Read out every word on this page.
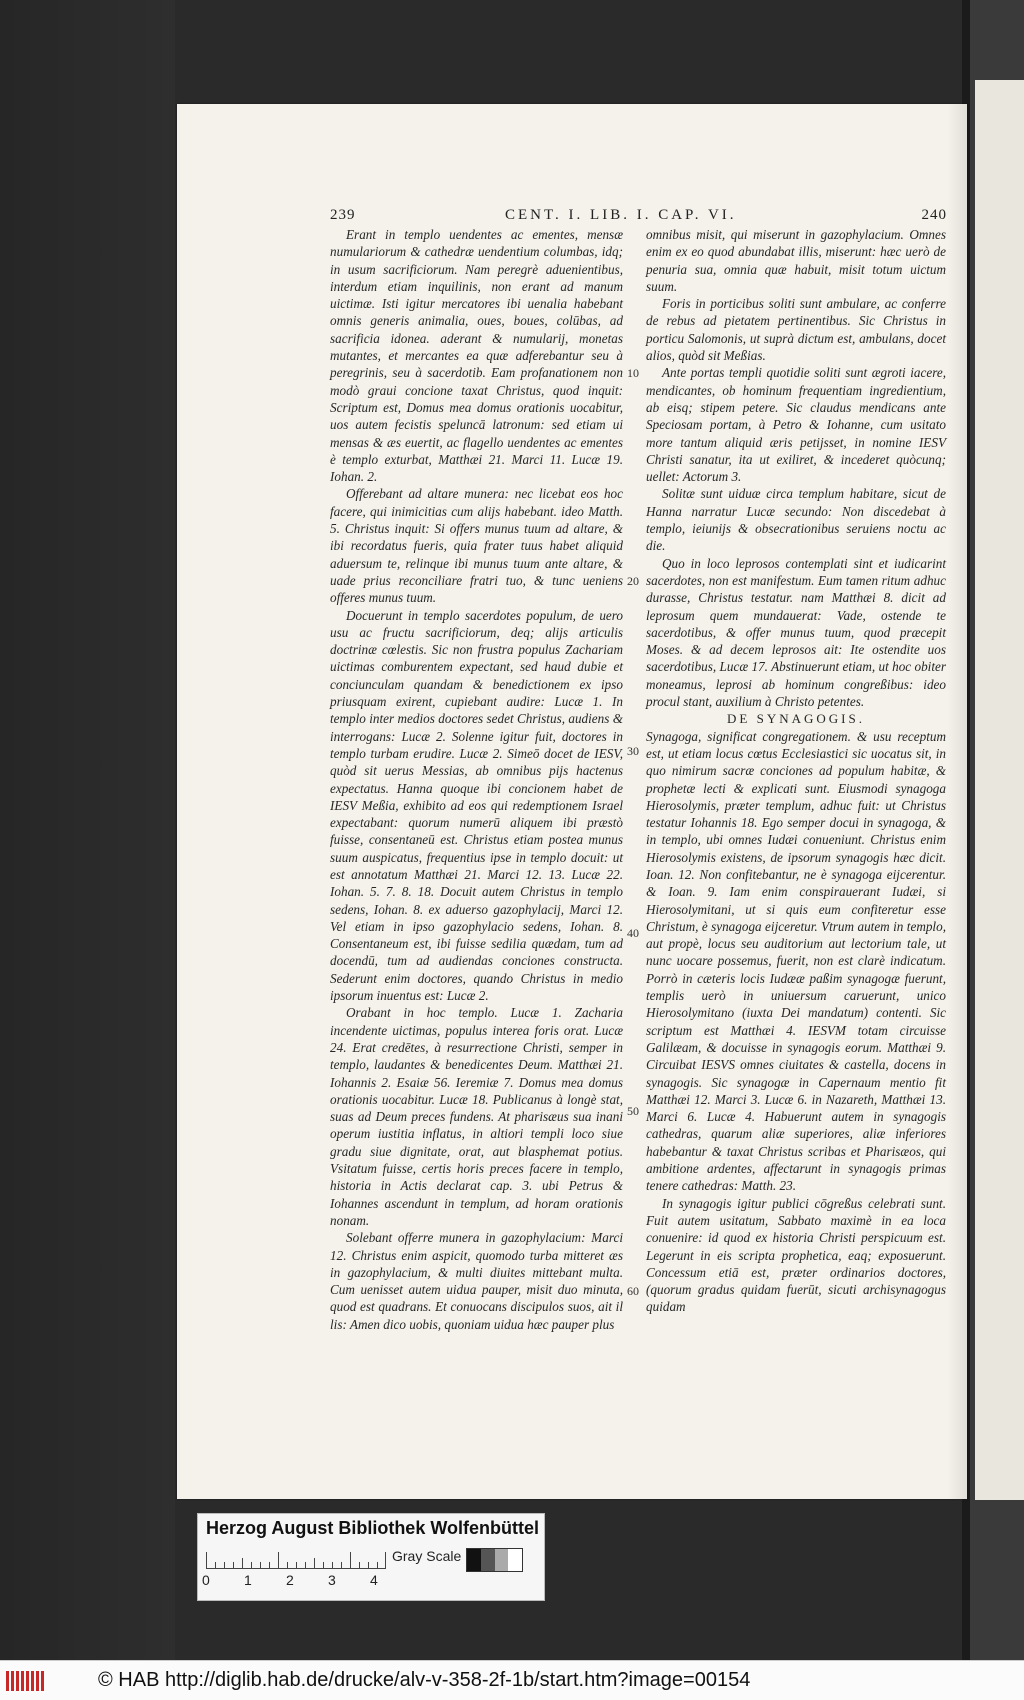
239	CENT. I. LIB. I. CAP. VI.	240

Erant in templo uendentes ac ementes, mensæ numulariorum & cathedræ uendentium columbas, idq; in usum sacrificiorum. Nam peregrè aduenientibus, interdum etiam inquilinis, non erant ad manum uictimæ. Isti igitur mercatores ibi uenalia habebant omnis generis animalia, oues, boues, colūbas, ad sacrificia idonea. aderant & numularij, monetas mutantes, et mercantes ea quæ adferebantur seu à peregrinis, seu à sacerdotib. Eam profanationem non modò graui concione taxat Christus, quod inquit: Scriptum est, Domus mea domus orationis uocabitur, uos autem fecistis speluncā latronum: sed etiam ui mensas & æs euertit, ac flagello uendentes ac ementes è templo exturbat, Matthæi 21. Marci 11. Lucæ 19. Iohan. 2.

Offerebant ad altare munera: nec licebat eos hoc facere, qui inimicitias cum alijs habebant. ideo Matth. 5. Christus inquit: Si offers munus tuum ad altare, & ibi recordatus fueris, quia frater tuus habet aliquid aduersum te, relinque ibi munus tuum ante altare, & uade prius reconciliare fratri tuo, & tunc ueniens offeres munus tuum.

Docuerunt in templo sacerdotes populum, de uero usu ac fructu sacrificiorum, deq; alijs articulis doctrinæ cœlestis. Sic non frustra populus Zachariam uictimas comburentem expectant, sed haud dubie et conciunculam quandam & benedictionem ex ipso priusquam exirent, cupiebant audire: Lucæ 1. In templo inter medios doctores sedet Christus, audiens & interrogans: Lucæ 2. Solenne igitur fuit, doctores in templo turbam erudire. Lucæ 2. Simeō docet de IESV, quòd sit uerus Messias, ab omnibus pijs hactenus expectatus. Hanna quoque ibi concionem habet de IESV Meßia, exhibito ad eos qui redemptionem Israel expectabant: quorum numerū aliquem ibi præstò fuisse, consentaneū est. Christus etiam postea munus suum auspicatus, frequentius ipse in templo docuit: ut est annotatum Matthæi 21. Marci 12. 13. Lucæ 22. Iohan. 5. 7. 8. 18. Docuit autem Christus in templo sedens, Iohan. 8. ex aduerso gazophylacij, Marci 12. Vel etiam in ipso gazophylacio sedens, Iohan. 8. Consentaneum est, ibi fuisse sedilia quædam, tum ad docendū, tum ad audiendas conciones constructa. Sederunt enim doctores, quando Christus in medio ipsorum inuentus est: Lucæ 2.

Orabant in hoc templo. Lucæ 1. Zacharia incendente uictimas, populus interea foris orat. Lucæ 24. Erat credētes, à resurrectione Christi, semper in templo, laudantes & benedicentes Deum. Matthæi 21. Iohannis 2. Esaiæ 56. Ieremiæ 7. Domus mea domus orationis uocabitur. Lucæ 18. Publicanus à longè stat, suas ad Deum preces fundens. At pharisæus sua inani operum iustitia inflatus, in altiori templi loco siue gradu siue dignitate, orat, aut blasphemat potius. Vsitatum fuisse, certis horis preces facere in templo, historia in Actis declarat cap. 3. ubi Petrus & Iohannes ascendunt in templum, ad horam orationis nonam.

Solebant offerre munera in gazophylacium: Marci 12. Christus enim aspicit, quomodo turba mitteret æs in gazophylacium, & multi diuites mittebant multa. Cum uenisset autem uidua pauper, misit duo minuta, quod est quadrans. Et conuocans discipulos suos, ait il lis: Amen dico uobis, quoniam uidua hæc pauper plus

10
20
30
40
50
60

omnibus misit, qui miserunt in gazophylacium. Omnes enim ex eo quod abundabat illis, miserunt: hæc uerò de penuria sua, omnia quæ habuit, misit totum uictum suum.

Foris in porticibus soliti sunt ambulare, ac conferre de rebus ad pietatem pertinentibus. Sic Christus in porticu Salomonis, ut suprà dictum est, ambulans, docet alios, quòd sit Meßias.

Ante portas templi quotidie soliti sunt ægroti iacere, mendicantes, ob hominum frequentiam ingredientium, ab eisq; stipem petere. Sic claudus mendicans ante Speciosam portam, à Petro & Iohanne, cum usitato more tantum aliquid æris petijsset, in nomine IESV Christi sanatur, ita ut exiliret, & incederet quòcunq; uellet: Actorum 3.

Solitæ sunt uiduæ circa templum habitare, sicut de Hanna narratur Lucæ secundo: Non discedebat à templo, ieiunijs & obsecrationibus seruiens noctu ac die.

Quo in loco leprosos contemplati sint et iudicarint sacerdotes, non est manifestum. Eum tamen ritum adhuc durasse, Christus testatur. nam Matthæi 8. dicit ad leprosum quem mundauerat: Vade, ostende te sacerdotibus, & offer munus tuum, quod præcepit Moses. & ad decem leprosos ait: Ite ostendite uos sacerdotibus, Lucæ 17. Abstinuerunt etiam, ut hoc obiter moneamus, leprosi ab hominum congreßibus: ideo procul stant, auxilium à Christo petentes.

DE SYNAGOGIS.

Synagoga, significat congregationem. & usu receptum est, ut etiam locus cœtus Ecclesiastici sic uocatus sit, in quo nimirum sacræ conciones ad populum habitæ, & prophetæ lecti & explicati sunt. Eiusmodi synagoga Hierosolymis, præter templum, adhuc fuit: ut Christus testatur Iohannis 18. Ego semper docui in synagoga, & in templo, ubi omnes Iudæi conueniunt. Christus enim Hierosolymis existens, de ipsorum synagogis hæc dicit. Ioan. 12. Non confitebantur, ne è synagoga eijcerentur. & Ioan. 9. Iam enim conspirauerant Iudæi, si Hierosolymitani, ut si quis eum confiteretur esse Christum, è synagoga eijceretur. Vtrum autem in templo, aut propè, locus seu auditorium aut lectorium tale, ut nunc uocare possemus, fuerit, non est clarè indicatum. Porrò in cæteris locis Iudææ paßim synagogæ fuerunt, templis uerò in uniuersum caruerunt, unico Hierosolymitano (iuxta Dei mandatum) contenti. Sic scriptum est Matthæi 4. IESVM totam circuisse Galilæam, & docuisse in synagogis eorum. Matthæi 9. Circuibat IESVS omnes ciuitates & castella, docens in synagogis. Sic synagogæ in Capernaum mentio fit Matthæi 12. Marci 3. Lucæ 6. in Nazareth, Matthæi 13. Marci 6. Lucæ 4. Habuerunt autem in synagogis cathedras, quarum aliæ superiores, aliæ inferiores habebantur & taxat Christus scribas et Pharisæos, qui ambitione ardentes, affectarunt in synagogis primas tenere cathedras: Matth. 23.

In synagogis igitur publici cōgreßus celebrati sunt. Fuit autem usitatum, Sabbato maximè in ea loca conuenire: id quod ex historia Christi perspicuum est. Legerunt in eis scripta prophetica, eaq; exposuerunt. Concessum etiā est, præter ordinarios doctores, (quorum gradus quidam fuerūt, sicuti archisynagogus quidam

Herzog August Bibliothek Wolfenbüttel
0 1 2 3 4
Gray Scale
© HAB http://diglib.hab.de/drucke/alv-v-358-2f-1b/start.htm?image=00154
